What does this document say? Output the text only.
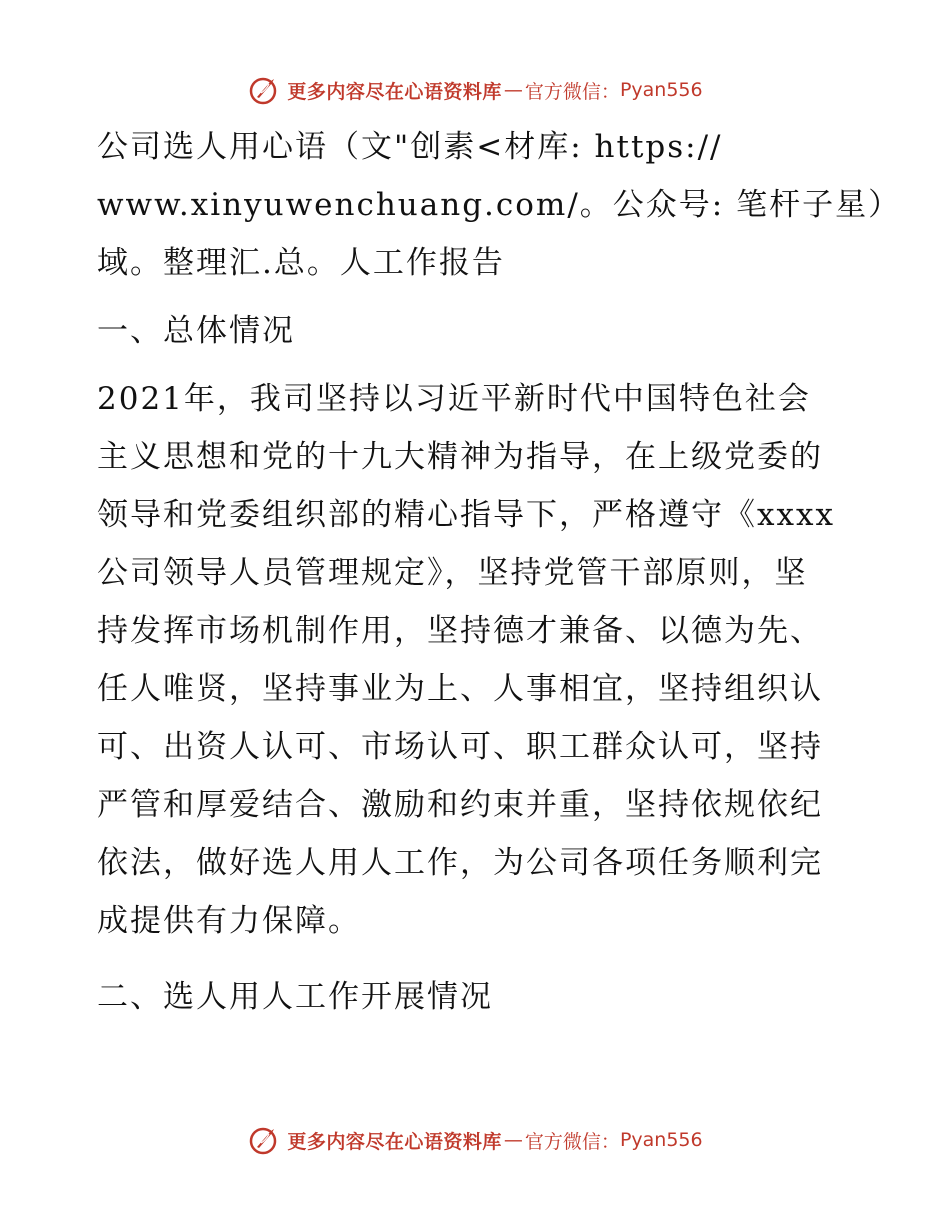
更多内容尽在心语资料库 — 官方微信： Pyan556
公司选人用心语（文"创素<材库: https://
www.xinyuwenchuang.com/。公众号: 笔杆子星）
域。整理汇.总。人工作报告
一、总体情况
2021年，我司坚持以习近平新时代中国特色社会
主义思想和党的十九大精神为指导，在上级党委的
领导和党委组织部的精心指导下，严格遵守《xxxx
公司领导人员管理规定》，坚持党管干部原则，坚
持发挥市场机制作用，坚持德才兼备、以德为先、
任人唯贤，坚持事业为上、人事相宜，坚持组织认
可、出资人认可、市场认可、职工群众认可，坚持
严管和厚爱结合、激励和约束并重，坚持依规依纪
依法，做好选人用人工作，为公司各项任务顺利完
成提供有力保障。
二、选人用人工作开展情况
更多内容尽在心语资料库 — 官方微信： Pyan556
